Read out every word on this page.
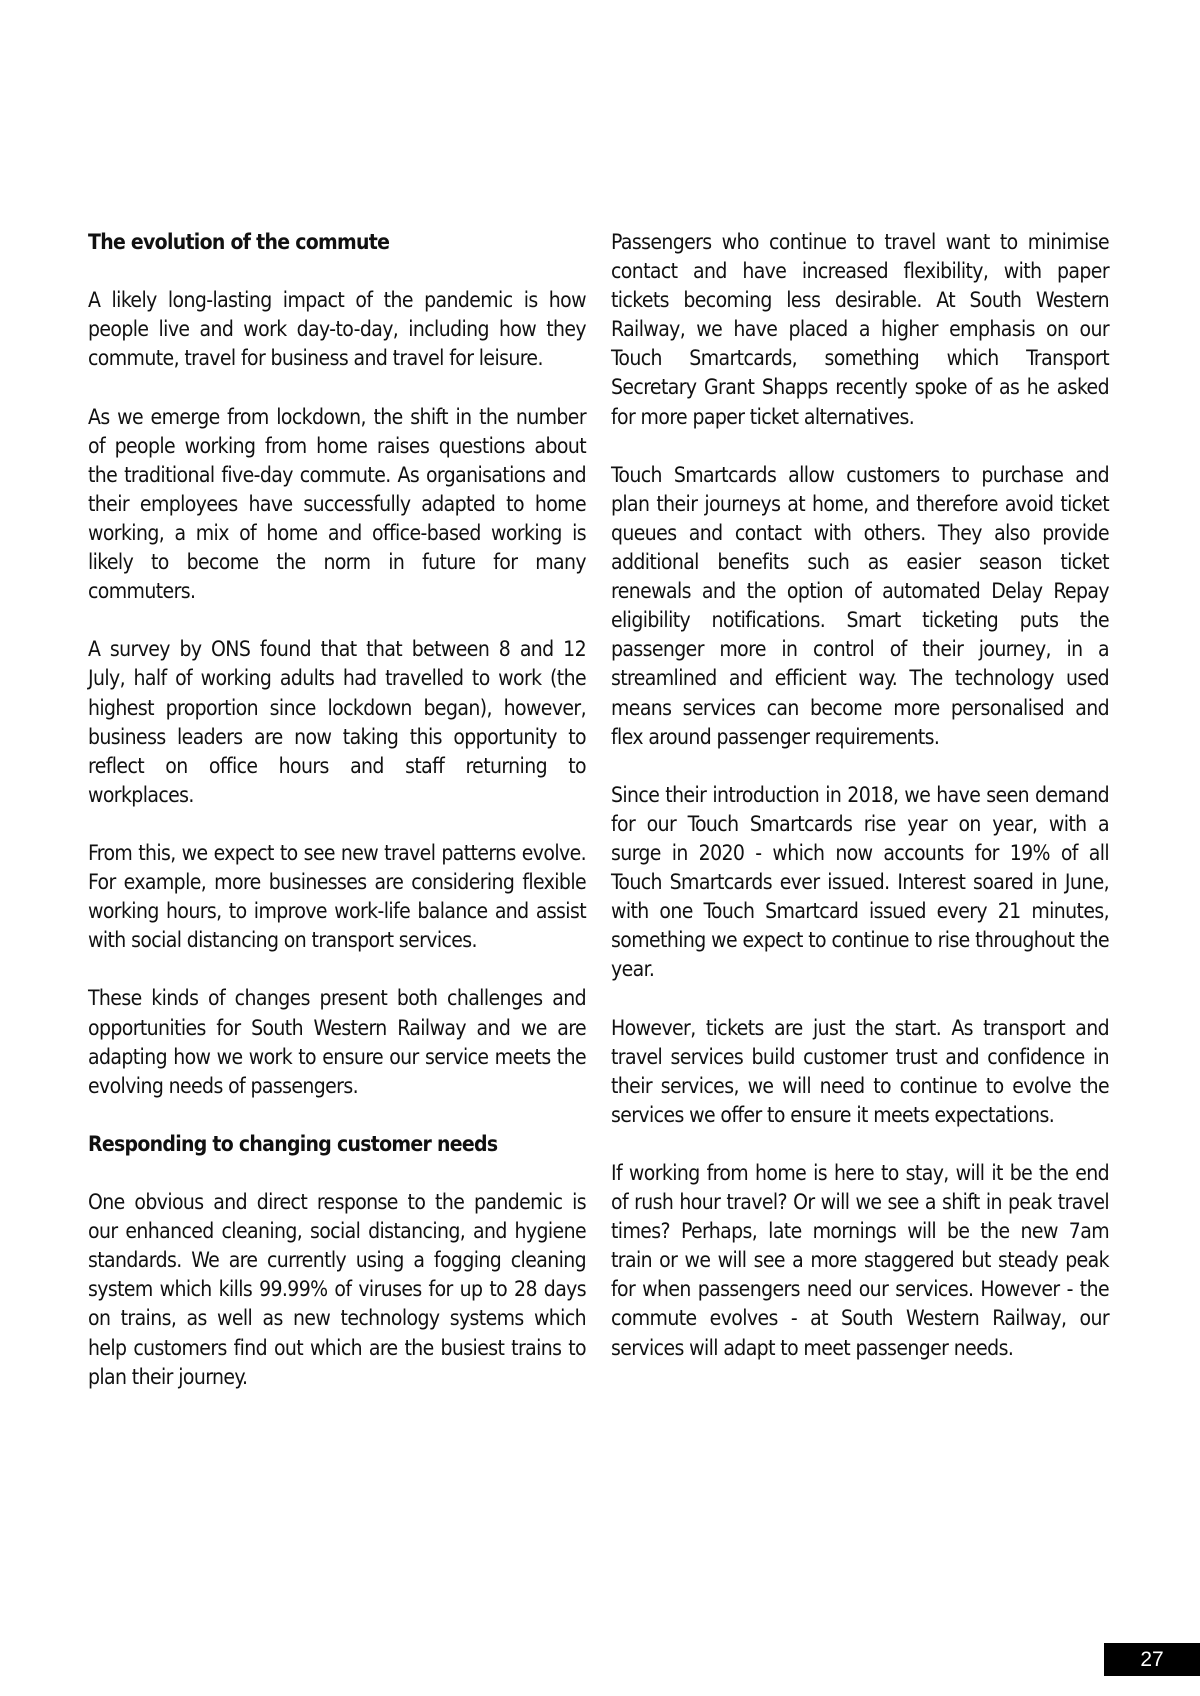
The evolution of the commute

A likely long-lasting impact of the pandemic is how people live and work day-to-day, including how they commute, travel for business and travel for leisure.

As we emerge from lockdown, the shift in the number of people working from home raises questions about the traditional five-day commute. As organisations and their employees have successfully adapted to home working, a mix of home and office-based working is likely to become the norm in future for many commuters.

A survey by ONS found that that between 8 and 12 July, half of working adults had travelled to work (the highest proportion since lockdown began), however, business leaders are now taking this opportunity to reflect on office hours and staff returning to workplaces.

From this, we expect to see new travel patterns evolve. For example, more businesses are considering flexible working hours, to improve work-life balance and assist with social distancing on transport services.

These kinds of changes present both challenges and opportunities for South Western Railway and we are adapting how we work to ensure our service meets the evolving needs of passengers.

Responding to changing customer needs

One obvious and direct response to the pandemic is our enhanced cleaning, social distancing, and hygiene standards. We are currently using a fogging cleaning system which kills 99.99% of viruses for up to 28 days on trains, as well as new technology systems which help customers find out which are the busiest trains to plan their journey.

Passengers who continue to travel want to minimise contact and have increased flexibility, with paper tickets becoming less desirable. At South Western Railway, we have placed a higher emphasis on our Touch Smartcards, something which Transport Secretary Grant Shapps recently spoke of as he asked for more paper ticket alternatives.

Touch Smartcards allow customers to purchase and plan their journeys at home, and therefore avoid ticket queues and contact with others. They also provide additional benefits such as easier season ticket renewals and the option of automated Delay Repay eligibility notifications. Smart ticketing puts the passenger more in control of their journey, in a streamlined and efficient way. The technology used means services can become more personalised and flex around passenger requirements.

Since their introduction in 2018, we have seen demand for our Touch Smartcards rise year on year, with a surge in 2020 - which now accounts for 19% of all Touch Smartcards ever issued. Interest soared in June, with one Touch Smartcard issued every 21 minutes, something we expect to continue to rise throughout the year.

However, tickets are just the start. As transport and travel services build customer trust and confidence in their services, we will need to continue to evolve the services we offer to ensure it meets expectations.

If working from home is here to stay, will it be the end of rush hour travel? Or will we see a shift in peak travel times? Perhaps, late mornings will be the new 7am train or we will see a more staggered but steady peak for when passengers need our services. However - the commute evolves - at South Western Railway, our services will adapt to meet passenger needs.

27
